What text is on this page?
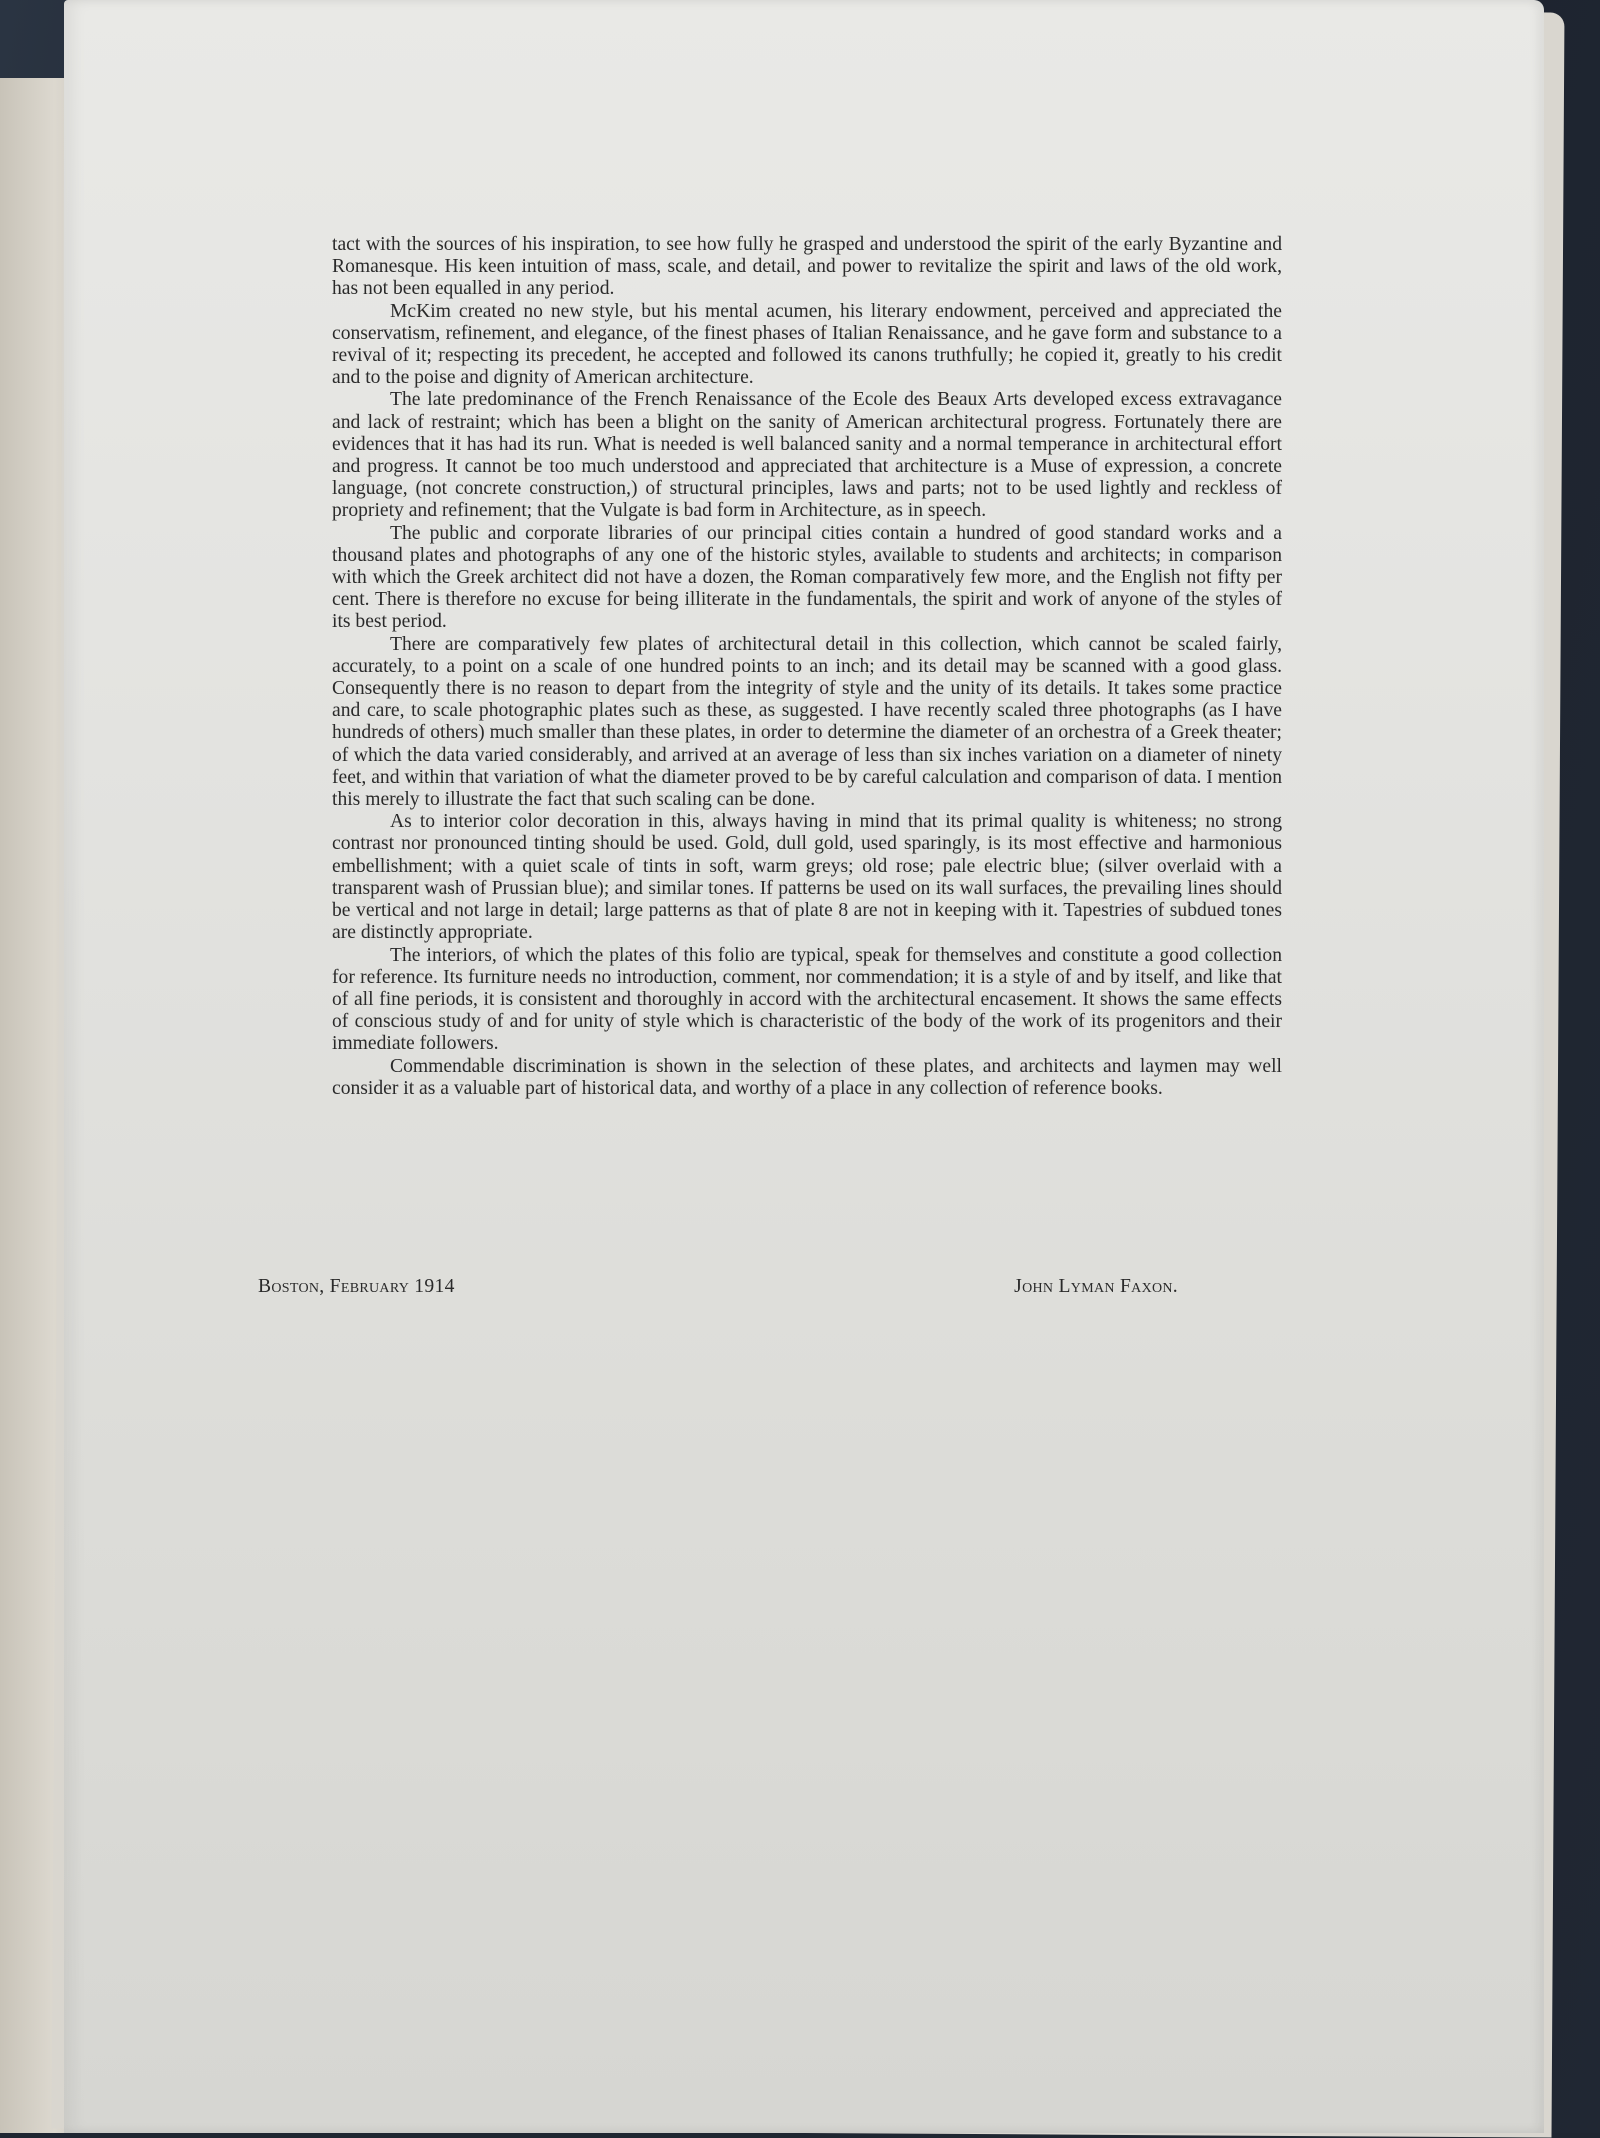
tact with the sources of his inspiration, to see how fully he grasped and understood the spirit of the early Byzantine and Romanesque. His keen intuition of mass, scale, and detail, and power to revitalize the spirit and laws of the old work, has not been equalled in any period.

McKim created no new style, but his mental acumen, his literary endowment, perceived and appreciated the conservatism, refinement, and elegance, of the finest phases of Italian Renaissance, and he gave form and substance to a revival of it; respecting its precedent, he accepted and followed its canons truthfully; he copied it, greatly to his credit and to the poise and dignity of American architecture.

The late predominance of the French Renaissance of the Ecole des Beaux Arts developed excess extravagance and lack of restraint; which has been a blight on the sanity of American architectural progress. Fortunately there are evidences that it has had its run. What is needed is well balanced sanity and a normal temperance in architectural effort and progress. It cannot be too much understood and appreciated that architecture is a Muse of expression, a concrete language, (not concrete construction,) of structural principles, laws and parts; not to be used lightly and reckless of propriety and refinement; that the Vulgate is bad form in Architecture, as in speech.

The public and corporate libraries of our principal cities contain a hundred of good standard works and a thousand plates and photographs of any one of the historic styles, available to students and architects; in comparison with which the Greek architect did not have a dozen, the Roman comparatively few more, and the English not fifty per cent. There is therefore no excuse for being illiterate in the fundamentals, the spirit and work of anyone of the styles of its best period.

There are comparatively few plates of architectural detail in this collection, which cannot be scaled fairly, accurately, to a point on a scale of one hundred points to an inch; and its detail may be scanned with a good glass. Consequently there is no reason to depart from the integrity of style and the unity of its details. It takes some practice and care, to scale photographic plates such as these, as suggested. I have recently scaled three photographs (as I have hundreds of others) much smaller than these plates, in order to determine the diameter of an orchestra of a Greek theater; of which the data varied considerably, and arrived at an average of less than six inches variation on a diameter of ninety feet, and within that variation of what the diameter proved to be by careful calculation and comparison of data. I mention this merely to illustrate the fact that such scaling can be done.

As to interior color decoration in this, always having in mind that its primal quality is whiteness; no strong contrast nor pronounced tinting should be used. Gold, dull gold, used sparingly, is its most effective and harmonious embellishment; with a quiet scale of tints in soft, warm greys; old rose; pale electric blue; (silver overlaid with a transparent wash of Prussian blue); and similar tones. If patterns be used on its wall surfaces, the prevailing lines should be vertical and not large in detail; large patterns as that of plate 8 are not in keeping with it. Tapestries of subdued tones are distinctly appropriate.

The interiors, of which the plates of this folio are typical, speak for themselves and constitute a good collection for reference. Its furniture needs no introduction, comment, nor commendation; it is a style of and by itself, and like that of all fine periods, it is consistent and thoroughly in accord with the architectural encasement. It shows the same effects of conscious study of and for unity of style which is characteristic of the body of the work of its progenitors and their immediate followers.

Commendable discrimination is shown in the selection of these plates, and architects and laymen may well consider it as a valuable part of historical data, and worthy of a place in any collection of reference books.

Boston, February 1914	John Lyman Faxon.
